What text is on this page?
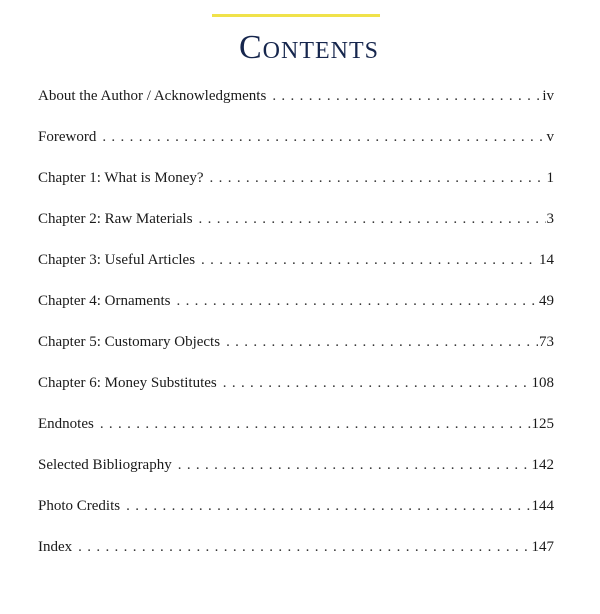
Contents
About the Author / Acknowledgments . . .	iv
Foreword . . .	v
Chapter 1: What is Money? . . .	1
Chapter 2: Raw Materials . . .	3
Chapter 3: Useful Articles . . .	14
Chapter 4: Ornaments . . .	49
Chapter 5: Customary Objects . . .	73
Chapter 6: Money Substitutes . . .	108
Endnotes . . .	125
Selected Bibliography . . .	142
Photo Credits . . .	144
Index . . .	147
